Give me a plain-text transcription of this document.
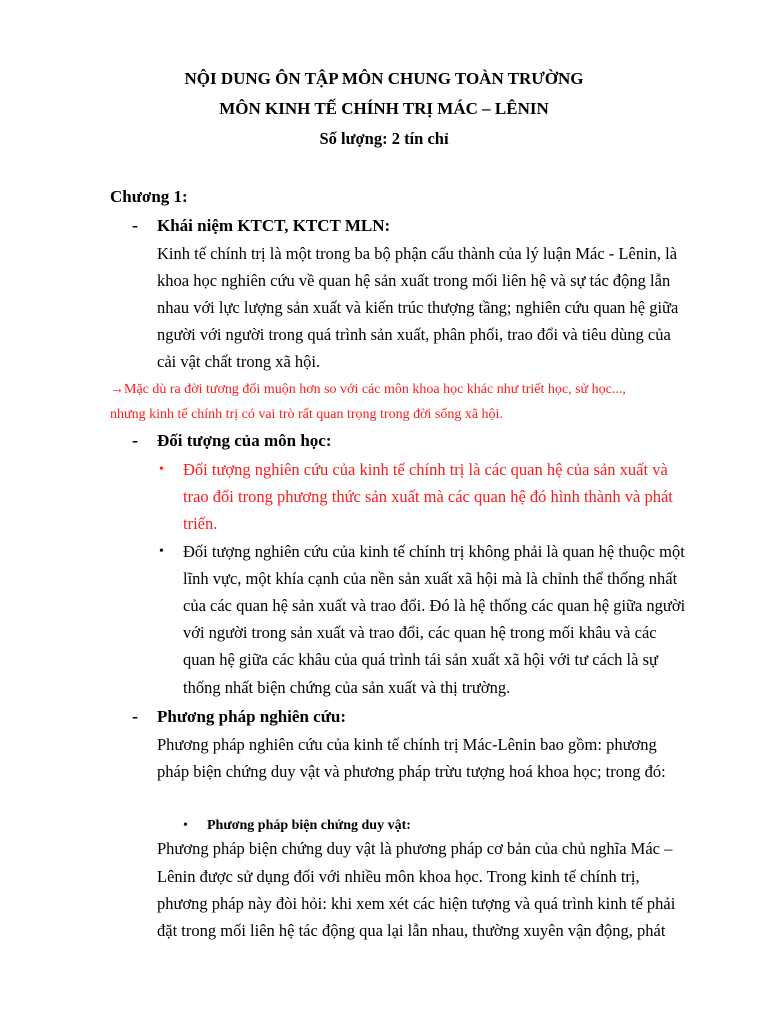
NỘI DUNG ÔN TẬP MÔN CHUNG TOÀN TRƯỜNG
MÔN KINH TẾ CHÍNH TRỊ MÁC – LÊNIN
Số lượng: 2 tín chỉ
Chương 1:
- Khái niệm KTCT, KTCT MLN:
Kinh tế chính trị là một trong ba bộ phận cấu thành của lý luận Mác - Lênin, là
khoa học nghiên cứu về quan hệ sản xuất trong mối liên hệ và sự tác động lẫn
nhau với lực lượng sản xuất và kiến trúc thượng tầng; nghiên cứu quan hệ giữa
người với người trong quá trình sản xuất, phân phối, trao đổi và tiêu dùng của
cải vật chất trong xã hội.
→Mặc dù ra đời tương đối muộn hơn so với các môn khoa học khác như triết học, sử học...,
nhưng kinh tế chính trị có vai trò rất quan trọng trong đời sống xã hội.
- Đối tượng của môn học:
• Đối tượng nghiên cứu của kinh tế chính trị là các quan hệ của sản xuất và
trao đổi trong phương thức sản xuất mà các quan hệ đó hình thành và phát
triển.
• Đối tượng nghiên cứu của kinh tế chính trị không phải là quan hệ thuộc một
lĩnh vực, một khía cạnh của nền sản xuất xã hội mà là chỉnh thể thống nhất
của các quan hệ sản xuất và trao đổi. Đó là hệ thống các quan hệ giữa người
với người trong sản xuất và trao đổi, các quan hệ trong mối khâu và các
quan hệ giữa các khâu của quá trình tái sản xuất xã hội với tư cách là sự
thống nhất biện chứng của sản xuất và thị trường.
- Phương pháp nghiên cứu:
Phương pháp nghiên cứu của kinh tế chính trị Mác-Lênin bao gồm: phương
pháp biện chứng duy vật và phương pháp trừu tượng hoá khoa học; trong đó:
• Phương pháp biện chứng duy vật:
Phương pháp biện chứng duy vật là phương pháp cơ bản của chủ nghĩa Mác –
Lênin được sử dụng đối với nhiều môn khoa học. Trong kinh tế chính trị,
phương pháp này đòi hỏi: khi xem xét các hiện tượng và quá trình kinh tế phải
đặt trong mối liên hệ tác động qua lại lẫn nhau, thường xuyên vận động, phát
